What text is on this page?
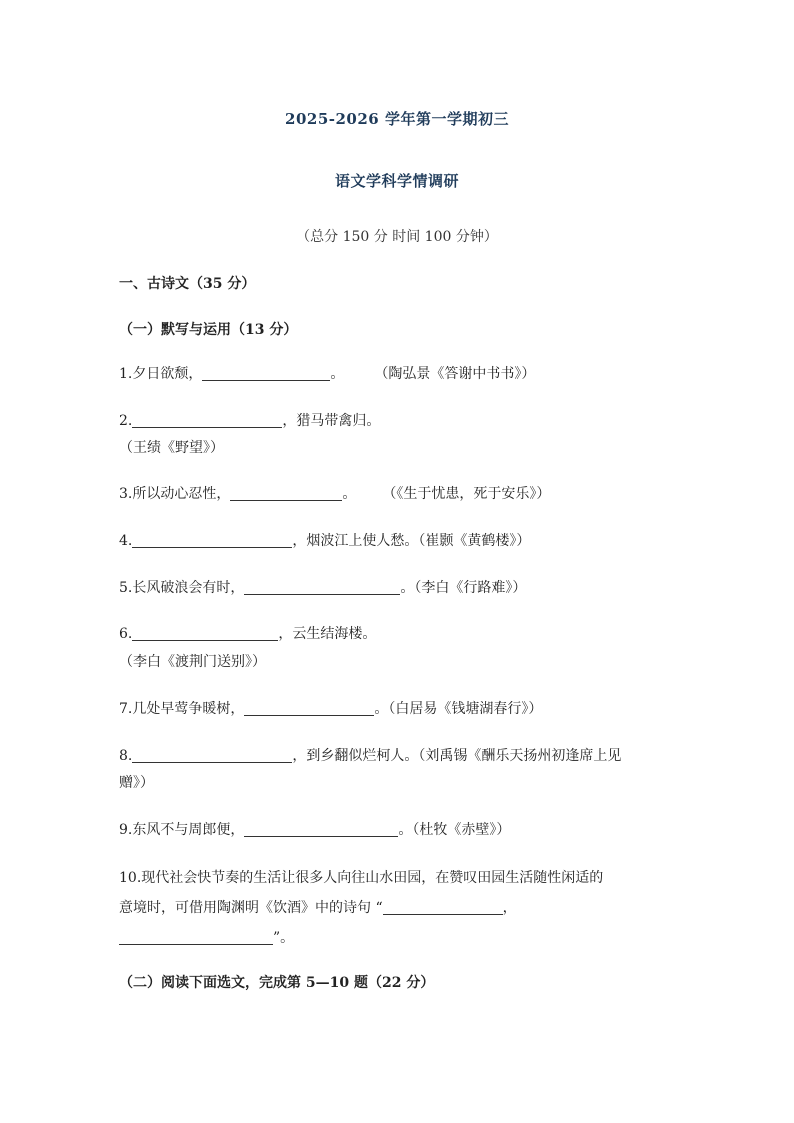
2025-2026 学年第一学期初三
语文学科学情调研
（总分 150 分 时间 100 分钟）
一、古诗文（35 分）
（一）默写与运用（13 分）
1.夕日欲颓，	。 （陶弘景《答谢中书书》）
2.	，猎马带禽归。
（王绩《野望》）
3.所以动心忍性，	。 （《生于忧患，死于安乐》）
4.	，烟波江上使人愁。（崔颢《黄鹤楼》）
5.长风破浪会有时，	。（李白《行路难》）
6.	，云生结海楼。
（李白《渡荆门送别》）
7.几处早莺争暖树，	。（白居易《钱塘湖春行》）
8.	，到乡翻似烂柯人。（刘禹锡《酬乐天扬州初逢席上见
赠》）
9.东风不与周郎便，	。（杜牧《赤壁》）
10.现代社会快节奏的生活让很多人向往山水田园，在赞叹田园生活随性闲适的
意境时，可借用陶渊明《饮酒》中的诗句 “	，
”。
（二）阅读下面选文，完成第 5—10 题（22 分）
